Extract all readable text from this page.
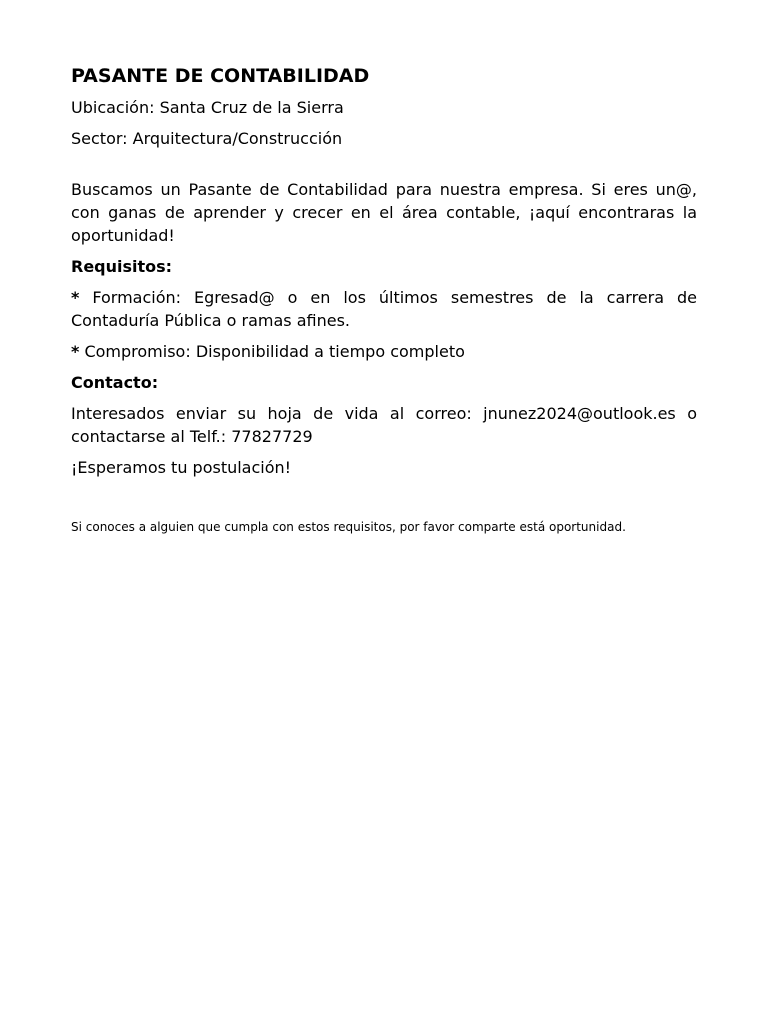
PASANTE DE CONTABILIDAD
Ubicación: Santa Cruz de la Sierra
Sector: Arquitectura/Construcción
Buscamos un Pasante de Contabilidad para nuestra empresa. Si eres un@, con ganas de aprender y crecer en el área contable, ¡aquí encontraras la oportunidad!
Requisitos:
* Formación: Egresad@ o en los últimos semestres de la carrera de Contaduría Pública o ramas afines.
* Compromiso: Disponibilidad a tiempo completo
Contacto:
Interesados enviar su hoja de vida al correo: jnunez2024@outlook.es o contactarse al Telf.: 77827729
¡Esperamos tu postulación!
Si conoces a alguien que cumpla con estos requisitos, por favor comparte está oportunidad.
